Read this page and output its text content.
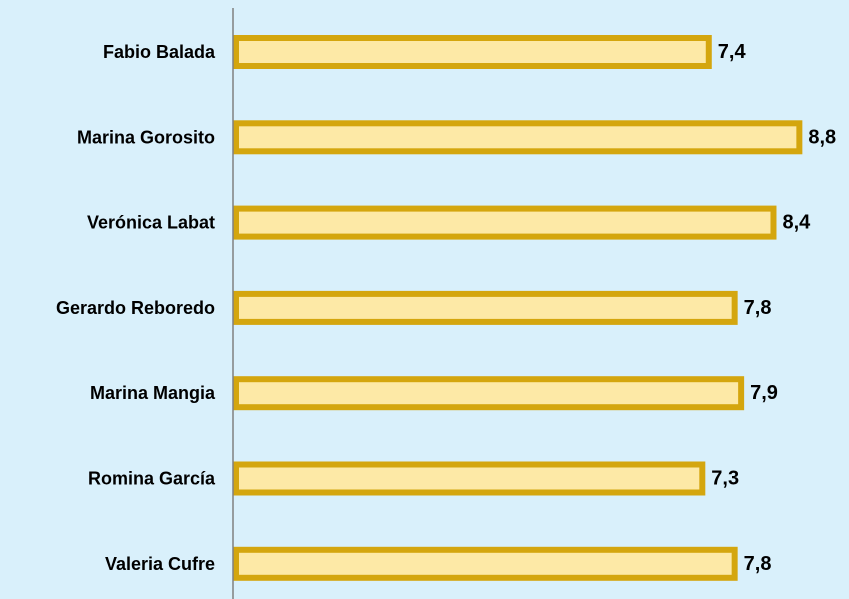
Fabio Balada
Marina Gorosito
Verónica Labat
Gerardo Reboredo
Marina Mangia
Romina García
Valeria Cufre
7,4
8,8
8,4
7,8
7,9
7,3
7,8
